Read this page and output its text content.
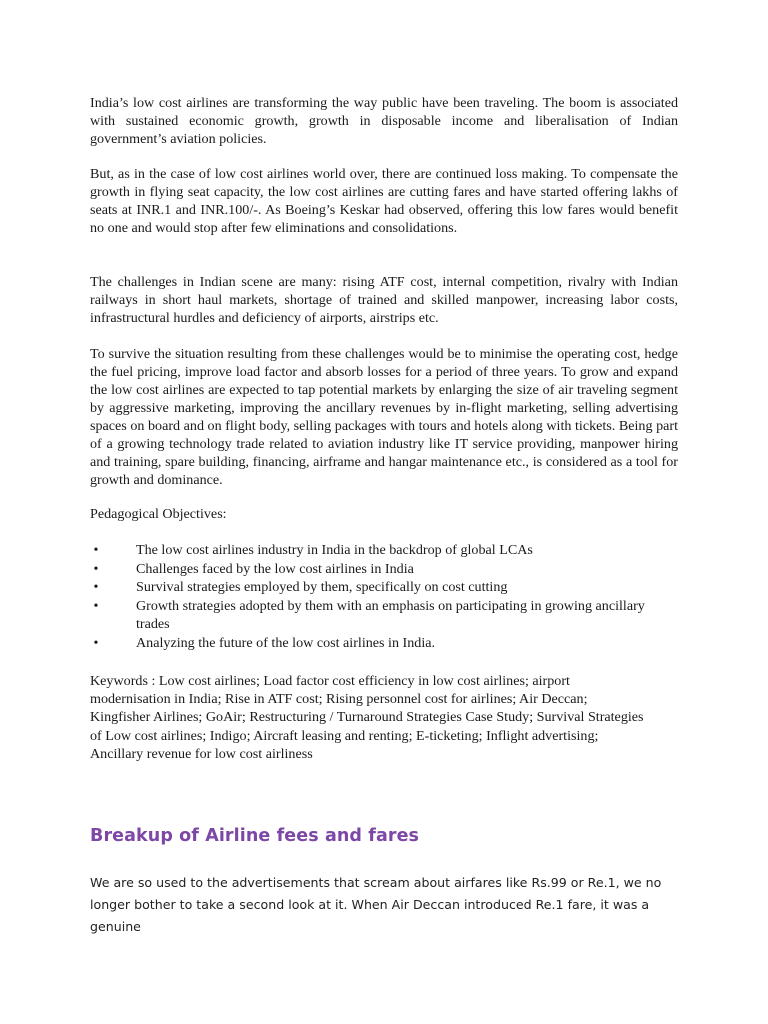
India’s low cost airlines are transforming the way public have been traveling. The boom is associated with sustained economic growth, growth in disposable income and liberalisation of Indian government’s aviation policies.

But, as in the case of low cost airlines world over, there are continued loss making. To compensate the growth in flying seat capacity, the low cost airlines are cutting fares and have started offering lakhs of seats at INR.1 and INR.100/-. As Boeing’s Keskar had observed, offering this low fares would benefit no one and would stop after few eliminations and consolidations.

The challenges in Indian scene are many: rising ATF cost, internal competition, rivalry with Indian railways in short haul markets, shortage of trained and skilled manpower, increasing labor costs, infrastructural hurdles and deficiency of airports, airstrips etc.

To survive the situation resulting from these challenges would be to minimise the operating cost, hedge the fuel pricing, improve load factor and absorb losses for a period of three years. To grow and expand the low cost airlines are expected to tap potential markets by enlarging the size of air traveling segment by aggressive marketing, improving the ancillary revenues by in-flight marketing, selling advertising spaces on board and on flight body, selling packages with tours and hotels along with tickets. Being part of a growing technology trade related to aviation industry like IT service providing, manpower hiring and training, spare building, financing, airframe and hangar maintenance etc., is considered as a tool for growth and dominance.

Pedagogical Objectives:

•	The low cost airlines industry in India in the backdrop of global LCAs
•	Challenges faced by the low cost airlines in India
•	Survival strategies employed by them, specifically on cost cutting
•	Growth strategies adopted by them with an emphasis on participating in growing ancillary trades
•	Analyzing the future of the low cost airlines in India.

Keywords : Low cost airlines; Load factor cost efficiency in low cost airlines; airport modernisation in India; Rise in ATF cost; Rising personnel cost for airlines; Air Deccan; Kingfisher Airlines; GoAir; Restructuring / Turnaround Strategies Case Study; Survival Strategies of Low cost airlines; Indigo; Aircraft leasing and renting; E-ticketing; Inflight advertising; Ancillary revenue for low cost airliness

Breakup of Airline fees and fares

We are so used to the advertisements that scream about airfares like Rs.99 or Re.1, we no longer bother to take a second look at it. When Air Deccan introduced Re.1 fare, it was a genuine
